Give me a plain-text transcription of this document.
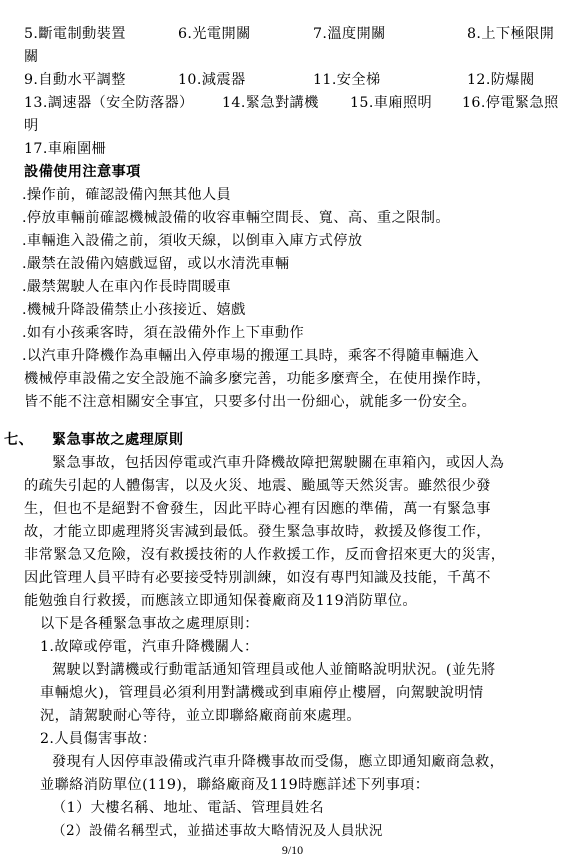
5.斷電制動裝置	6.光電開關	7.溫度開關	8.上下極限開
關
9.自動水平調整	10.減震器	11.安全梯	12.防爆閥
13.調速器（安全防落器） 14.緊急對講機 15.車廂照明 16.停電緊急照
明
17.車廂圍柵
設備使用注意事項
.操作前，確認設備內無其他人員
.停放車輛前確認機械設備的收容車輛空間長、寬、高、重之限制。
.車輛進入設備之前，須收天線，以倒車入庫方式停放
.嚴禁在設備內嬉戲逗留，或以水清洗車輛
.嚴禁駕駛人在車內作長時間暖車
.機械升降設備禁止小孩接近、嬉戲
.如有小孩乘客時，須在設備外作上下車動作
.以汽車升降機作為車輛出入停車場的搬運工具時，乘客不得隨車輛進入
機械停車設備之安全設施不論多麼完善，功能多麼齊全，在使用操作時，
皆不能不注意相關安全事宜，只要多付出一份細心，就能多一份安全。
七、 緊急事故之處理原則
緊急事故，包括因停電或汽車升降機故障把駕駛關在車箱內，或因人為
的疏失引起的人體傷害，以及火災、地震、颱風等天然災害。雖然很少發
生，但也不是絕對不會發生，因此平時心裡有因應的準備，萬一有緊急事
故，才能立即處理將災害減到最低。發生緊急事故時，救援及修復工作，
非常緊急又危險，沒有救援技術的人作救援工作，反而會招來更大的災害，
因此管理人員平時有必要接受特別訓練，如沒有專門知識及技能，千萬不
能勉強自行救援，而應該立即通知保養廠商及119消防單位。
以下是各種緊急事故之處理原則：
1.故障或停電，汽車升降機關人：
駕駛以對講機或行動電話通知管理員或他人並簡略說明狀況。(並先將
車輛熄火)，管理員必須利用對講機或到車廂停止樓層，向駕駛說明情
況，請駕駛耐心等待，並立即聯絡廠商前來處理。
2.人員傷害事故：
發現有人因停車設備或汽車升降機事故而受傷，應立即通知廠商急救，
並聯絡消防單位(119)，聯絡廠商及119時應詳述下列事項：
（1）大樓名稱、地址、電話、管理員姓名
（2）設備名稱型式，並描述事故大略情況及人員狀況
9/10
